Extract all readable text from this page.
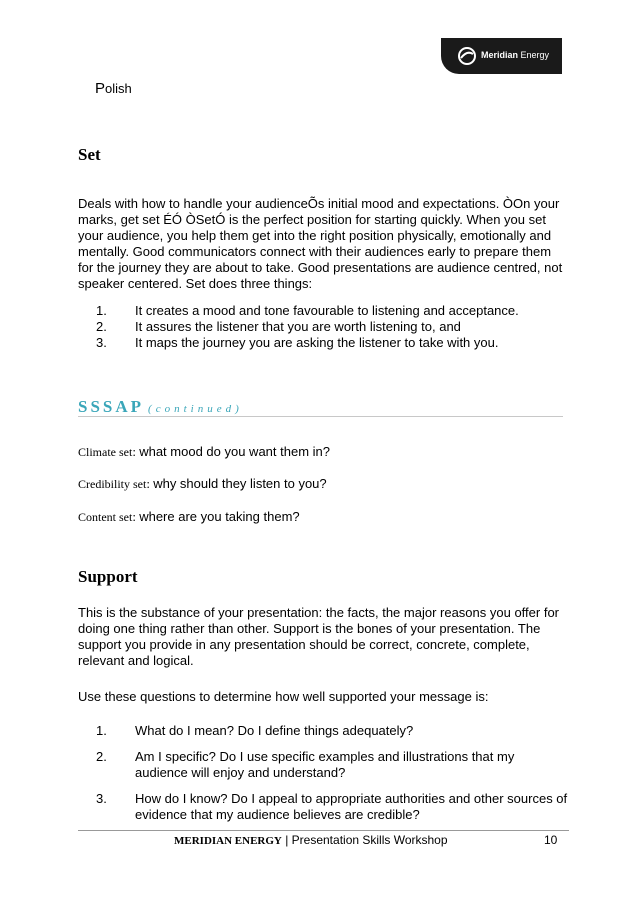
Meridian Energy
Polish
Set
Deals with how to handle your audienceÕs initial mood and expectations. ÒOn your marks, get set ÉÓ ÒSetÓ is the perfect position for starting quickly. When you set your audience, you help them get into the right position physically, emotionally and mentally. Good communicators connect with their audiences early to prepare them for the journey they are about to take. Good presentations are audience centred, not speaker centered. Set does three things:
1.	It creates a mood and tone favourable to listening and acceptance.
2.	It assures the listener that you are worth listening to, and
3.	It maps the journey you are asking the listener to take with you.
SSSAP (continued)
Climate set: what mood do you want them in?
Credibility set: why should they listen to you?
Content set: where are you taking them?
Support
This is the substance of your presentation: the facts, the major reasons you offer for doing one thing rather than other. Support is the bones of your presentation. The support you provide in any presentation should be correct, concrete, complete, relevant and logical.
Use these questions to determine how well supported your message is:
1.	What do I mean? Do I define things adequately?
2.	Am I specific? Do I use specific examples and illustrations that my audience will enjoy and understand?
3.	How do I know? Do I appeal to appropriate authorities and other sources of evidence that my audience believes are credible?
MERIDIAN ENERGY | Presentation Skills Workshop	10
